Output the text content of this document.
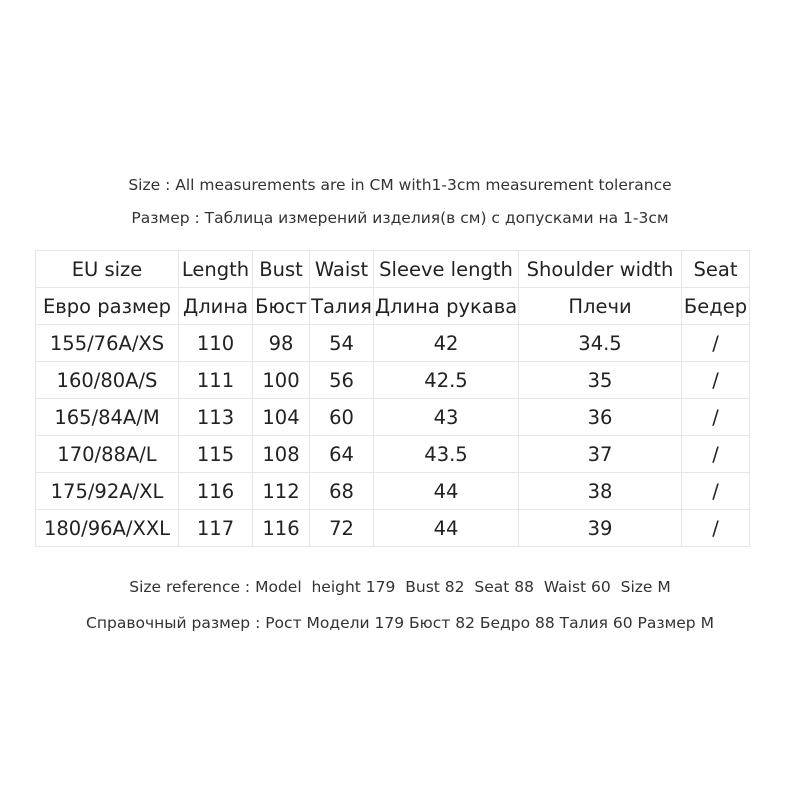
Size : All measurements are in CM with1-3cm measurement tolerance
Размер : Таблица измерений изделия(в см) с допусками на 1-3см
EU size	Length	Bust	Waist	Sleeve length	Shoulder width	Seat
Евро размер	Длина	Бюст	Талия	Длина рукава	Плечи	Бедер
155/76A/XS	110	98	54	42	34.5	/
160/80A/S	111	100	56	42.5	35	/
165/84A/M	113	104	60	43	36	/
170/88A/L	115	108	64	43.5	37	/
175/92A/XL	116	112	68	44	38	/
180/96A/XXL	117	116	72	44	39	/
Size reference : Model  height 179  Bust 82  Seat 88  Waist 60  Size M
Справочный размер : Рост Модели 179 Бюст 82 Бедро 88 Талия 60 Размер M
